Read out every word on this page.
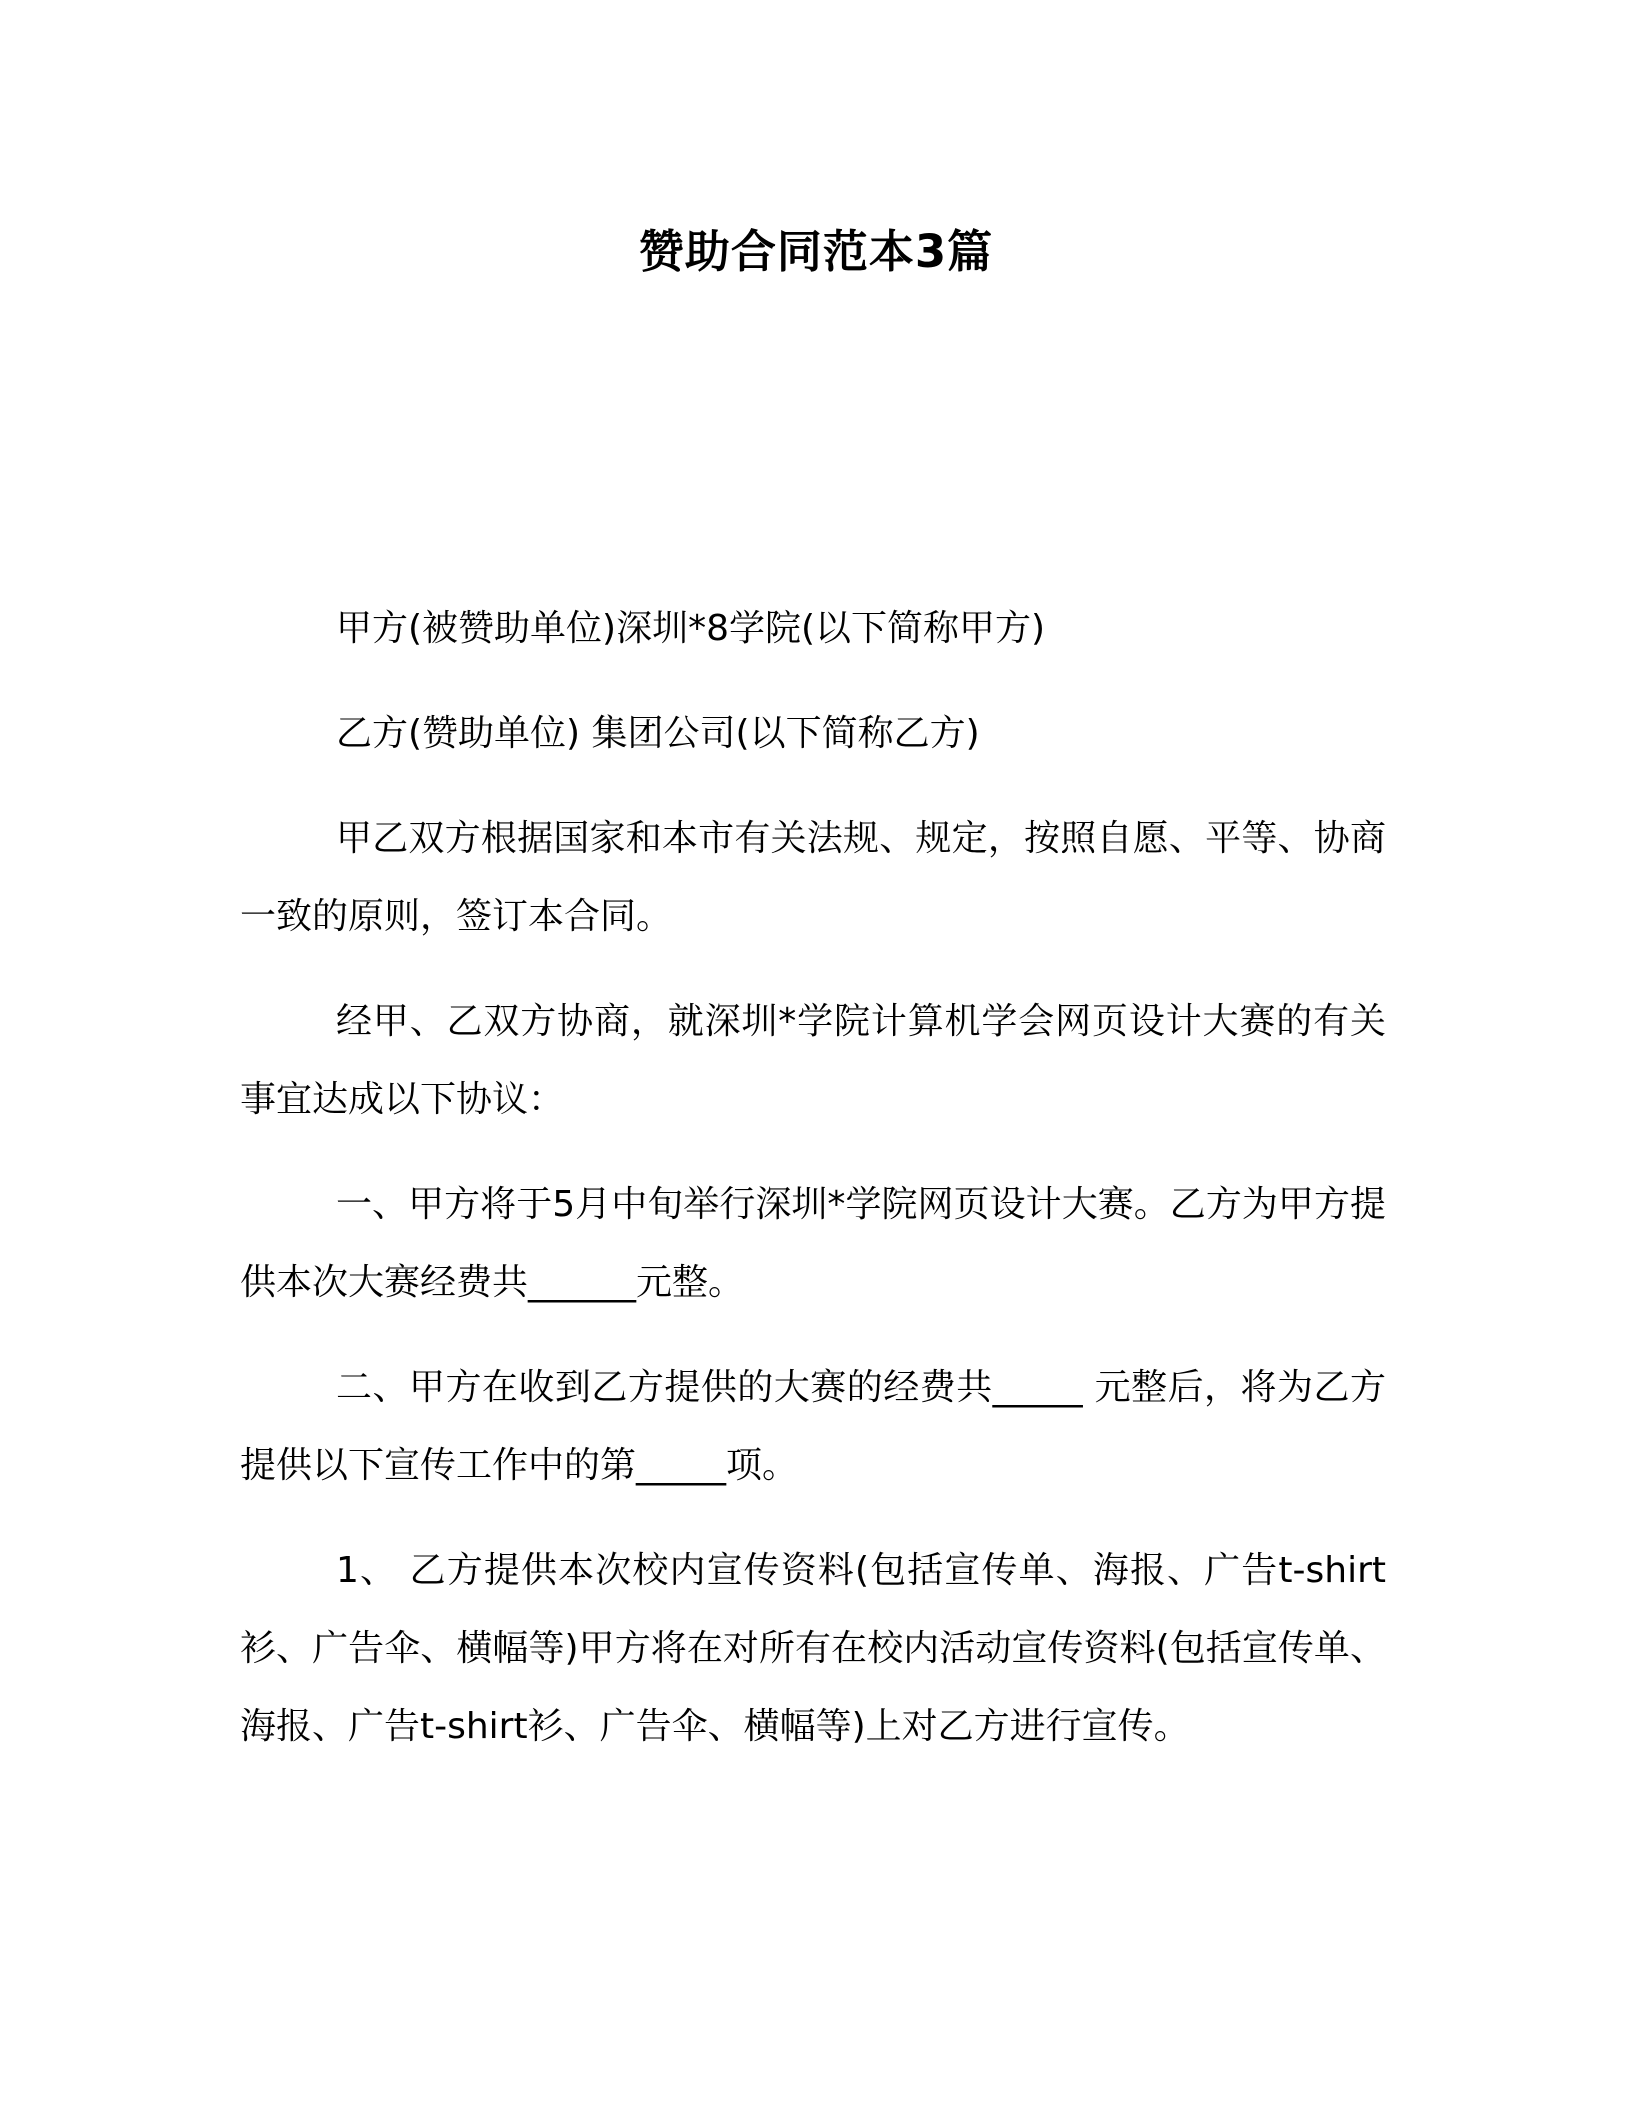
赞助合同范本3篇

甲方(被赞助单位)深圳*8学院(以下简称甲方)

乙方(赞助单位) 集团公司(以下简称乙方)

甲乙双方根据国家和本市有关法规、规定，按照自愿、平等、协商一致的原则，签订本合同。

经甲、乙双方协商，就深圳*学院计算机学会网页设计大赛的有关事宜达成以下协议：

一、甲方将于5月中旬举行深圳*学院网页设计大赛。乙方为甲方提供本次大赛经费共______元整。

二、甲方在收到乙方提供的大赛的经费共_____ 元整后，将为乙方提供以下宣传工作中的第_____项。

1、 乙方提供本次校内宣传资料(包括宣传单、海报、广告t-shirt衫、广告伞、横幅等)甲方将在对所有在校内活动宣传资料(包括宣传单、海报、广告t-shirt衫、广告伞、横幅等)上对乙方进行宣传。
